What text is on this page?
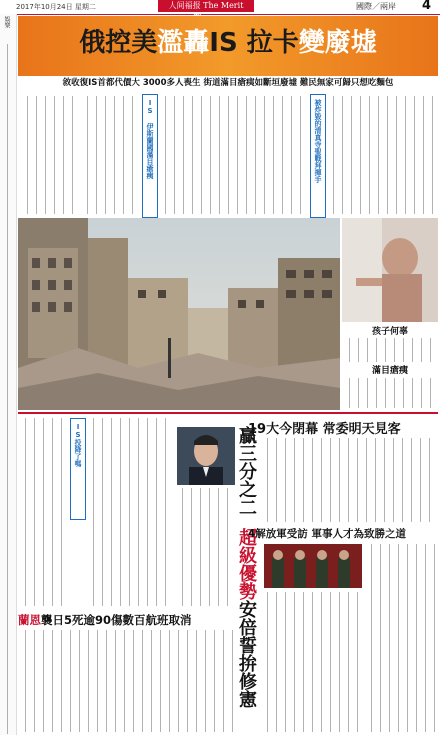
2017年10月24日 星期二	人间福报 The Merit	國際／兩岸 4
娛樂
俄控美濫轟IS 拉卡變廢墟
敘收復IS首都代價大 3000多人喪生 街道滿目瘡痍如斷垣廢墟 難民無家可歸只想吃麵包
IS 伊斯蘭國滿目瘡痍	被炸毀的清真寺聖戰拜揮手
孩子何辜
滿目瘡痍
IS投降了嗎	贏三分之二
超級優勢
安倍誓拚修憲
19大今閉幕 常委明天見客
4解放軍受訪 軍事人才為致勝之道
蘭恩襲日5死逾90傷數百航班取消
